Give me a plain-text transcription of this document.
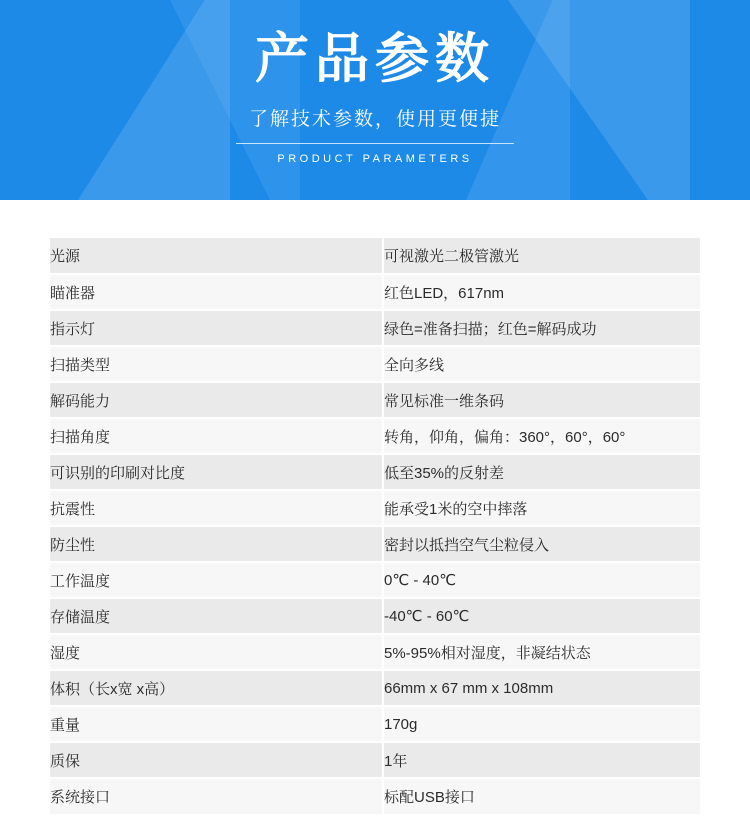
产品参数

了解技术参数，使用更便捷

PRODUCT PARAMETERS

光源	可视激光二极管激光
瞄准器	红色LED，617nm
指示灯	绿色=准备扫描；红色=解码成功
扫描类型	全向多线
解码能力	常见标准一维条码
扫描角度	转角，仰角，偏角：360°，60°，60°
可识别的印刷对比度	低至35%的反射差
抗震性	能承受1米的空中摔落
防尘性	密封以抵挡空气尘粒侵入
工作温度	0℃ - 40℃
存储温度	-40℃ - 60℃
湿度	5%-95%相对湿度，非凝结状态
体积（长x宽 x高）	66mm x 67 mm x 108mm
重量	170g
质保	1年
系统接口	标配USB接口
